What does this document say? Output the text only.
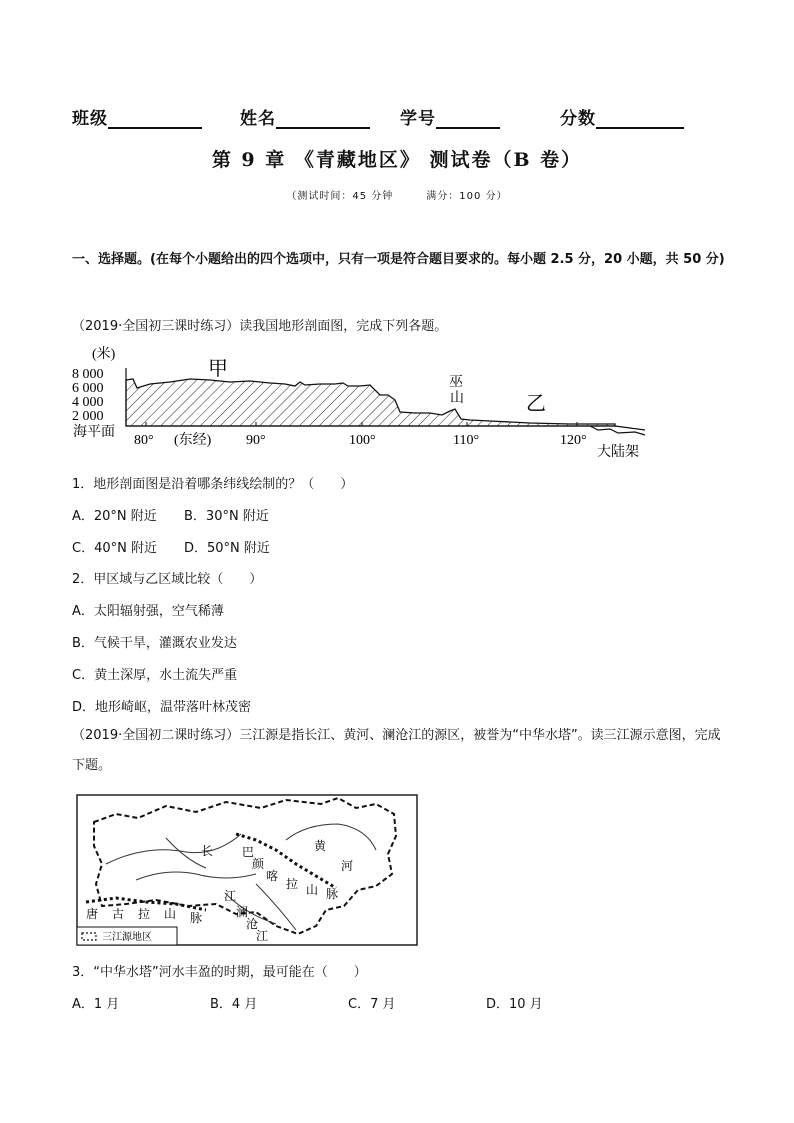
班级	姓名	学号	分数
第 9 章 《青藏地区》 测试卷（B 卷）
（测试时间：45 分钟　　　满分：100 分）
一、选择题。(在每个小题给出的四个选项中，只有一项是符合题目要求的。每小题 2.5 分，20 小题，共 50 分)
（2019·全国初三课时练习）读我国地形剖面图，完成下列各题。
(米)
8 000
6 000
4 000
2 000
海平面
80° (东经) 90°	100°	110°	120°
甲
巫
山	乙
大陆架
1．地形剖面图是沿着哪条纬线绘制的？（　　）
A．20°N 附近 B．30°N 附近
C．40°N 附近 D．50°N 附近
2．甲区域与乙区域比较（　　）
A．太阳辐射强，空气稀薄
B．气候干旱，灌溉农业发达
C．黄土深厚，水土流失严重
D．地形崎岖，温带落叶林茂密
（2019·全国初二课时练习）三江源是指长江、黄河、澜沧江的源区，被誉为“中华水塔”。读三江源示意图，完成下题。
长
江
黄
河
巴
颜
喀
拉 山 脉
唐 古 拉 山 脉	澜
沧
江
三江源地区
3．“中华水塔”河水丰盈的时期，最可能在（　　）
A．1 月	B．4 月	C．7 月	D．10 月
